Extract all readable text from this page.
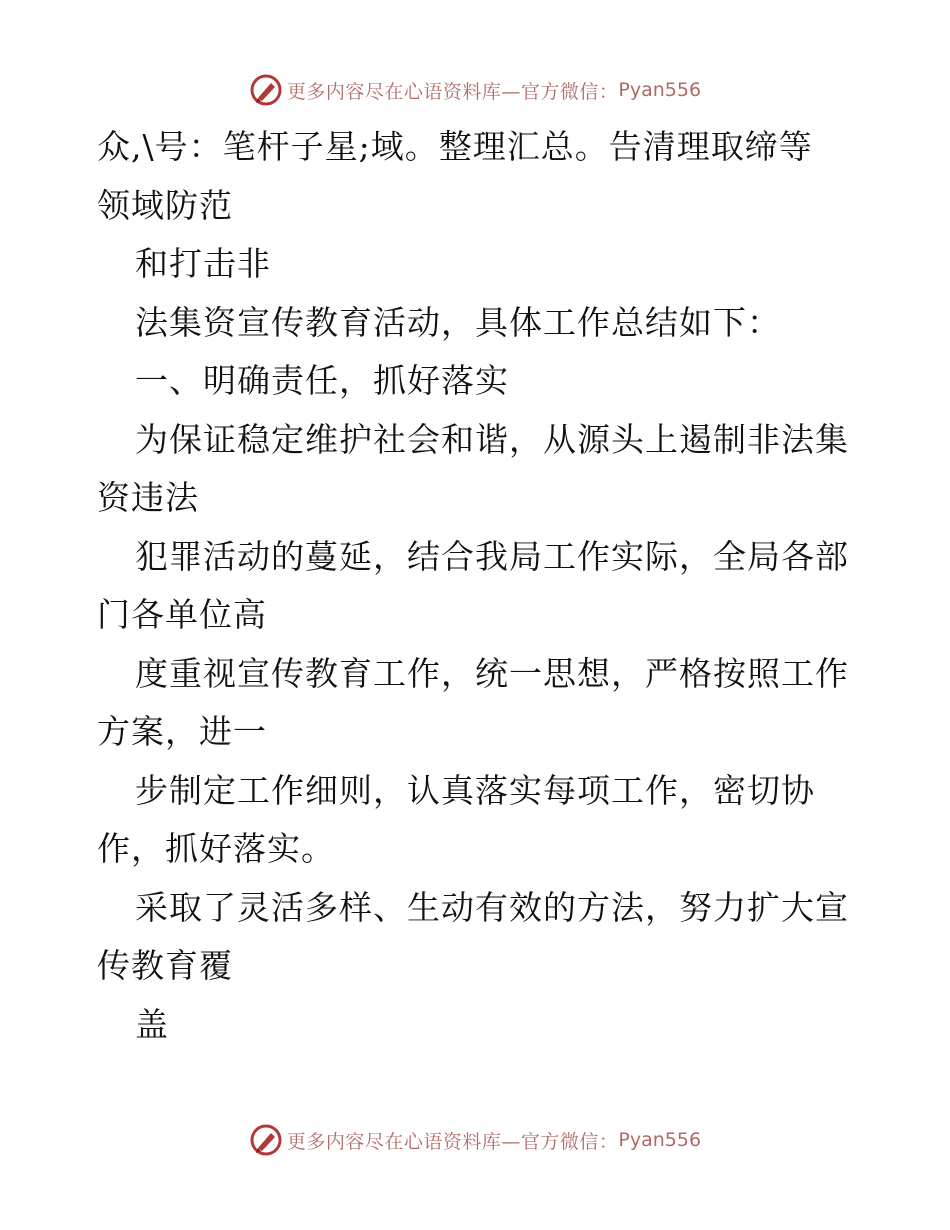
更多内容尽在心语资料库—官方微信： Pyan556
众,\号：笔杆子星;域。整理汇总。告清理取缔等
领域防范
和打击非
法集资宣传教育活动，具体工作总结如下：
一、明确责任，抓好落实
为保证稳定维护社会和谐，从源头上遏制非法集
资违法
犯罪活动的蔓延，结合我局工作实际，全局各部
门各单位高
度重视宣传教育工作，统一思想，严格按照工作
方案，进一
步制定工作细则，认真落实每项工作，密切协
作，抓好落实。
采取了灵活多样、生动有效的方法，努力扩大宣
传教育覆
盖
更多内容尽在心语资料库—官方微信： Pyan556
